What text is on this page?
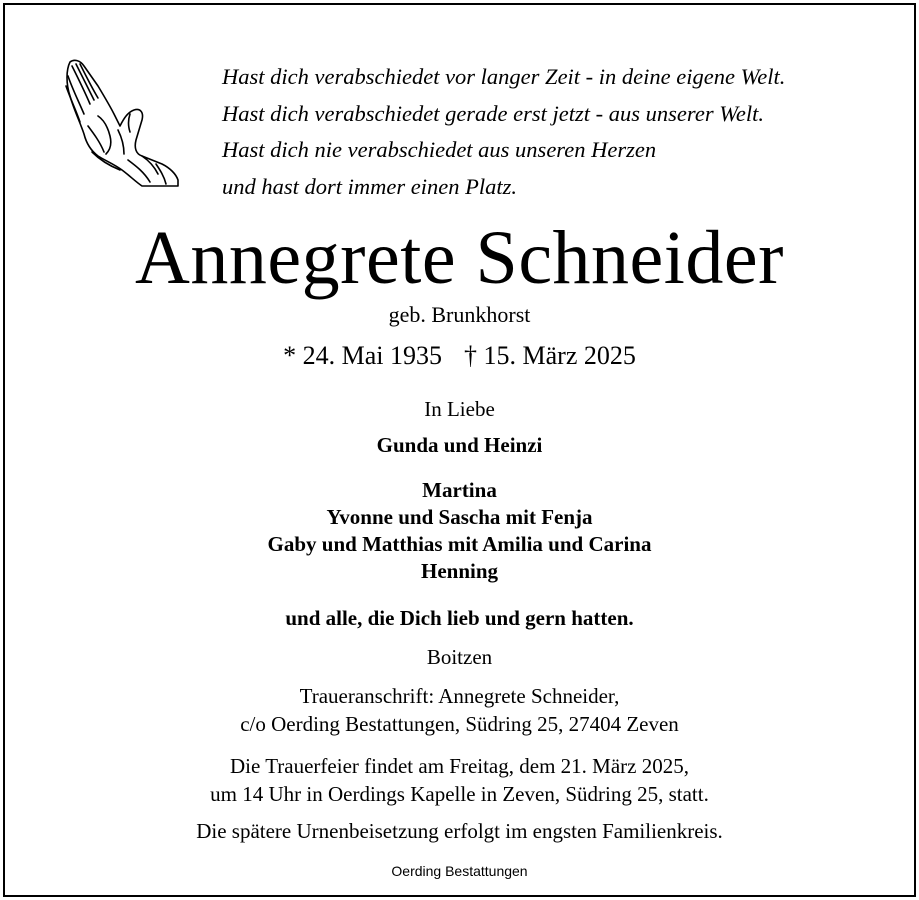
Hast dich verabschiedet vor langer Zeit - in deine eigene Welt.
Hast dich verabschiedet gerade erst jetzt - aus unserer Welt.
Hast dich nie verabschiedet aus unseren Herzen
und hast dort immer einen Platz.
Annegrete Schneider
geb. Brunkhorst
* 24. Mai 1935 † 15. März 2025
In Liebe
Gunda und Heinzi
Martina
Yvonne und Sascha mit Fenja
Gaby und Matthias mit Amilia und Carina
Henning
und alle, die Dich lieb und gern hatten.
Boitzen
Traueranschrift: Annegrete Schneider,
c/o Oerding Bestattungen, Südring 25, 27404 Zeven
Die Trauerfeier findet am Freitag, dem 21. März 2025,
um 14 Uhr in Oerdings Kapelle in Zeven, Südring 25, statt.
Die spätere Urnenbeisetzung erfolgt im engsten Familienkreis.
Oerding Bestattungen
